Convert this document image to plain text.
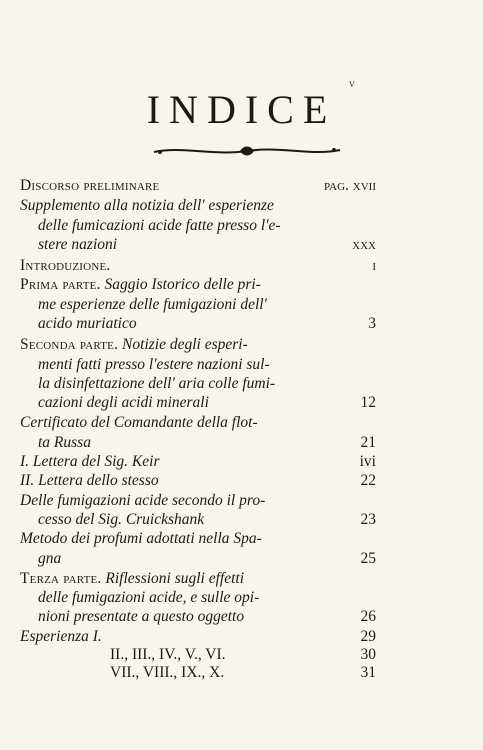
v
INDICE
Discorso preliminare	pag. xvii
Supplemento alla notizia dell' esperienze
delle fumicazioni acide fatte presso l'e-
stere nazioni	xxx
Introduzione.	i
Prima parte. Saggio Istorico delle pri-
me esperienze delle fumigazioni dell'
acido muriatico	3
Seconda parte. Notizie degli esperi-
menti fatti presso l'estere nazioni sul-
la disinfettazione dell' aria colle fumi-
cazioni degli acidi minerali	12
Certificato del Comandante della flot-
ta Russa	21
I. Lettera del Sig. Keir	ivi
II. Lettera dello stesso	22
Delle fumigazioni acide secondo il pro-
cesso del Sig. Cruickshank	23
Metodo dei profumi adottati nella Spa-
gna	25
Terza parte. Riflessioni sugli effetti
delle fumigazioni acide, e sulle opi-
nioni presentate a questo oggetto	26
Esperienza I.	29
II., III., IV., V., VI.	30
VII., VIII., IX., X.	31
